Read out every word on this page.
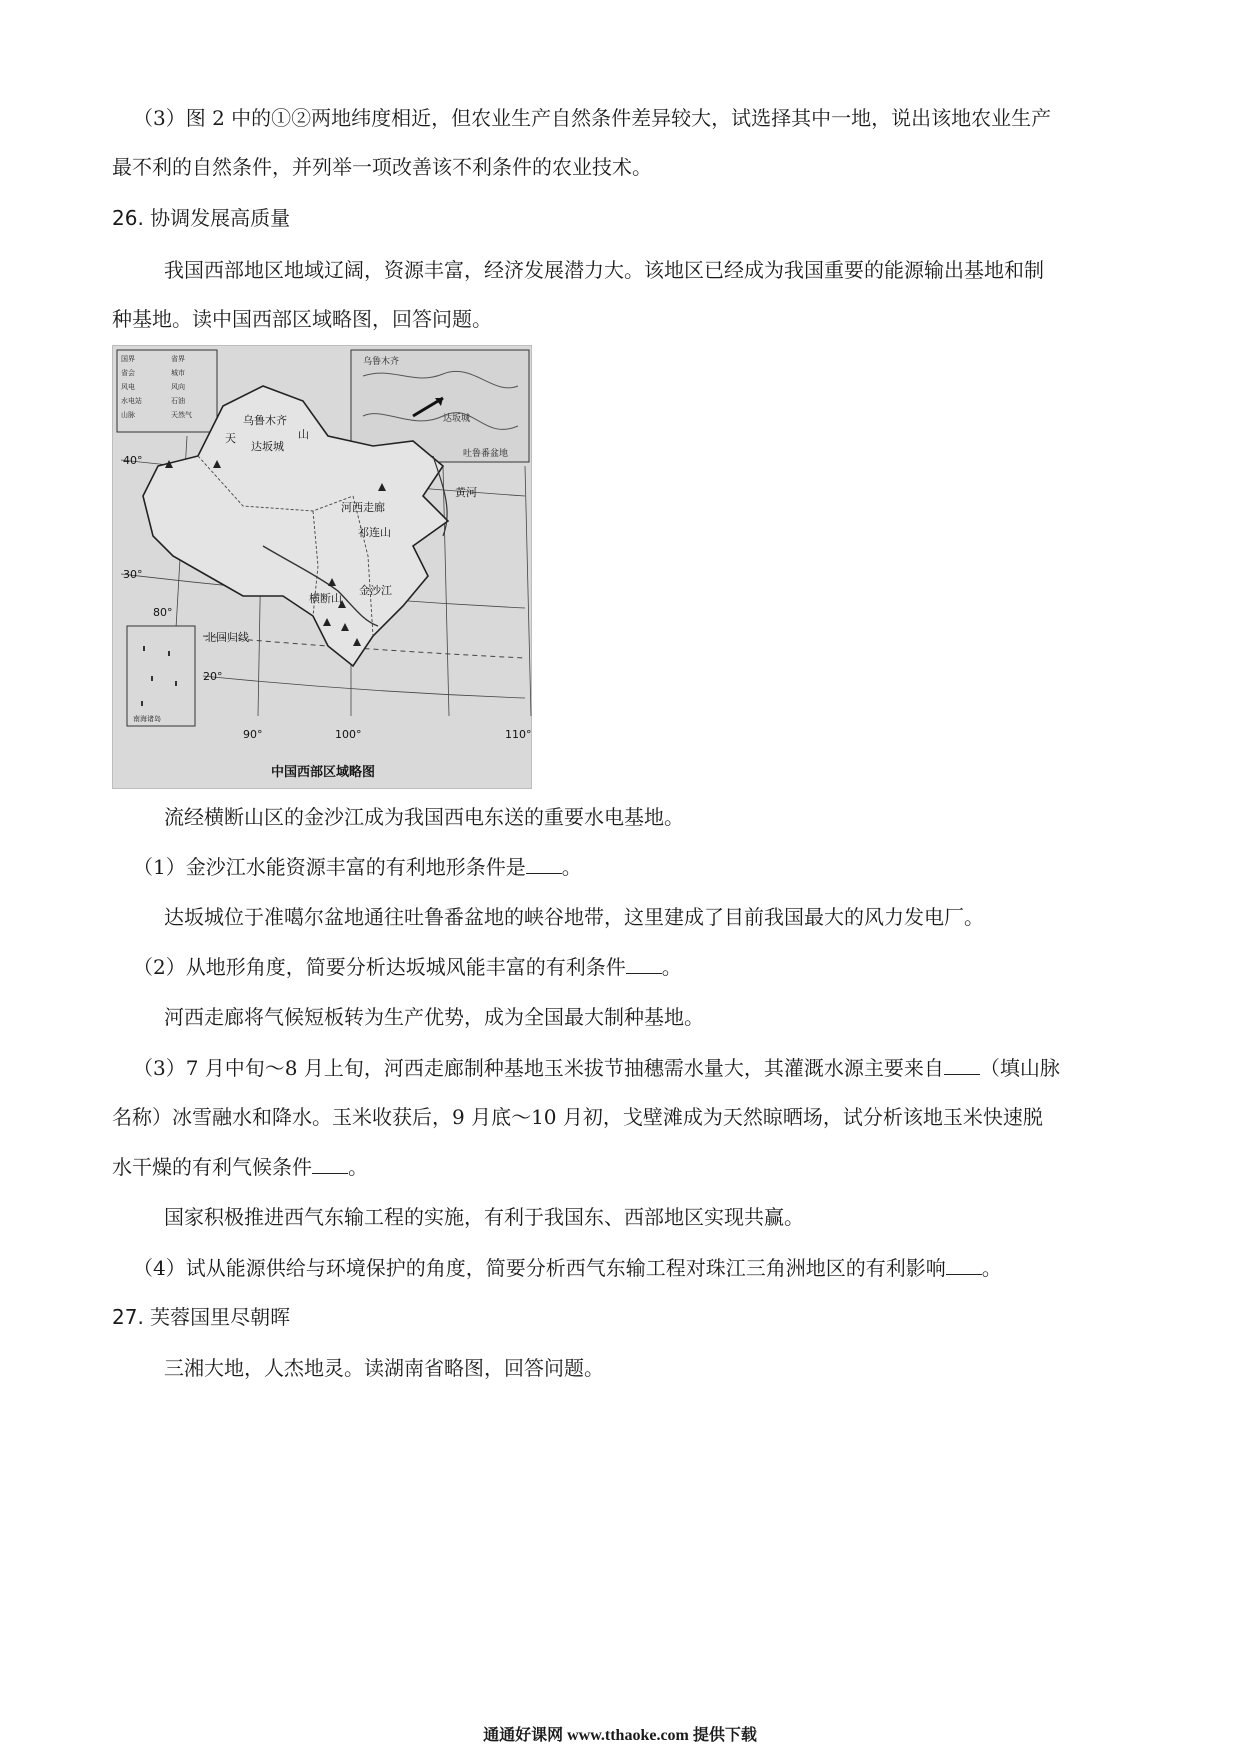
（3）图 2 中的①②两地纬度相近，但农业生产自然条件差异较大，试选择其中一地，说出该地农业生产
最不利的自然条件，并列举一项改善该不利条件的农业技术。
26. 协调发展高质量
我国西部地区地域辽阔，资源丰富，经济发展潜力大。该地区已经成为我国重要的能源输出基地和制
种基地。读中国西部区域略图，回答问题。
国界	省界
省会	城市
风电	风向
水电站	石油
山脉	天然气
乌鲁木齐
达坂城
吐鲁番盆地
乌鲁木齐
天	山
达坂城
河西走廊
祁连山
横断山
金沙江
黄河
北回归线
40°
30°
20°
80°
90°	100°	110°
南海诸岛
中国西部区域略图
流经横断山区的金沙江成为我国西电东送的重要水电基地。
（1）金沙江水能资源丰富的有利地形条件是 。
达坂城位于准噶尔盆地通往吐鲁番盆地的峡谷地带，这里建成了目前我国最大的风力发电厂。
（2）从地形角度，简要分析达坂城风能丰富的有利条件 。
河西走廊将气候短板转为生产优势，成为全国最大制种基地。
（3）7 月中旬～8 月上旬，河西走廊制种基地玉米拔节抽穗需水量大，其灌溉水源主要来自 （填山脉
名称）冰雪融水和降水。玉米收获后，9 月底～10 月初，戈壁滩成为天然晾晒场，试分析该地玉米快速脱
水干燥的有利气候条件 。
国家积极推进西气东输工程的实施，有利于我国东、西部地区实现共赢。
（4）试从能源供给与环境保护的角度，简要分析西气东输工程对珠江三角洲地区的有利影响 。
27. 芙蓉国里尽朝晖
三湘大地，人杰地灵。读湖南省略图，回答问题。
通通好课网 www.tthaoke.com 提供下载
